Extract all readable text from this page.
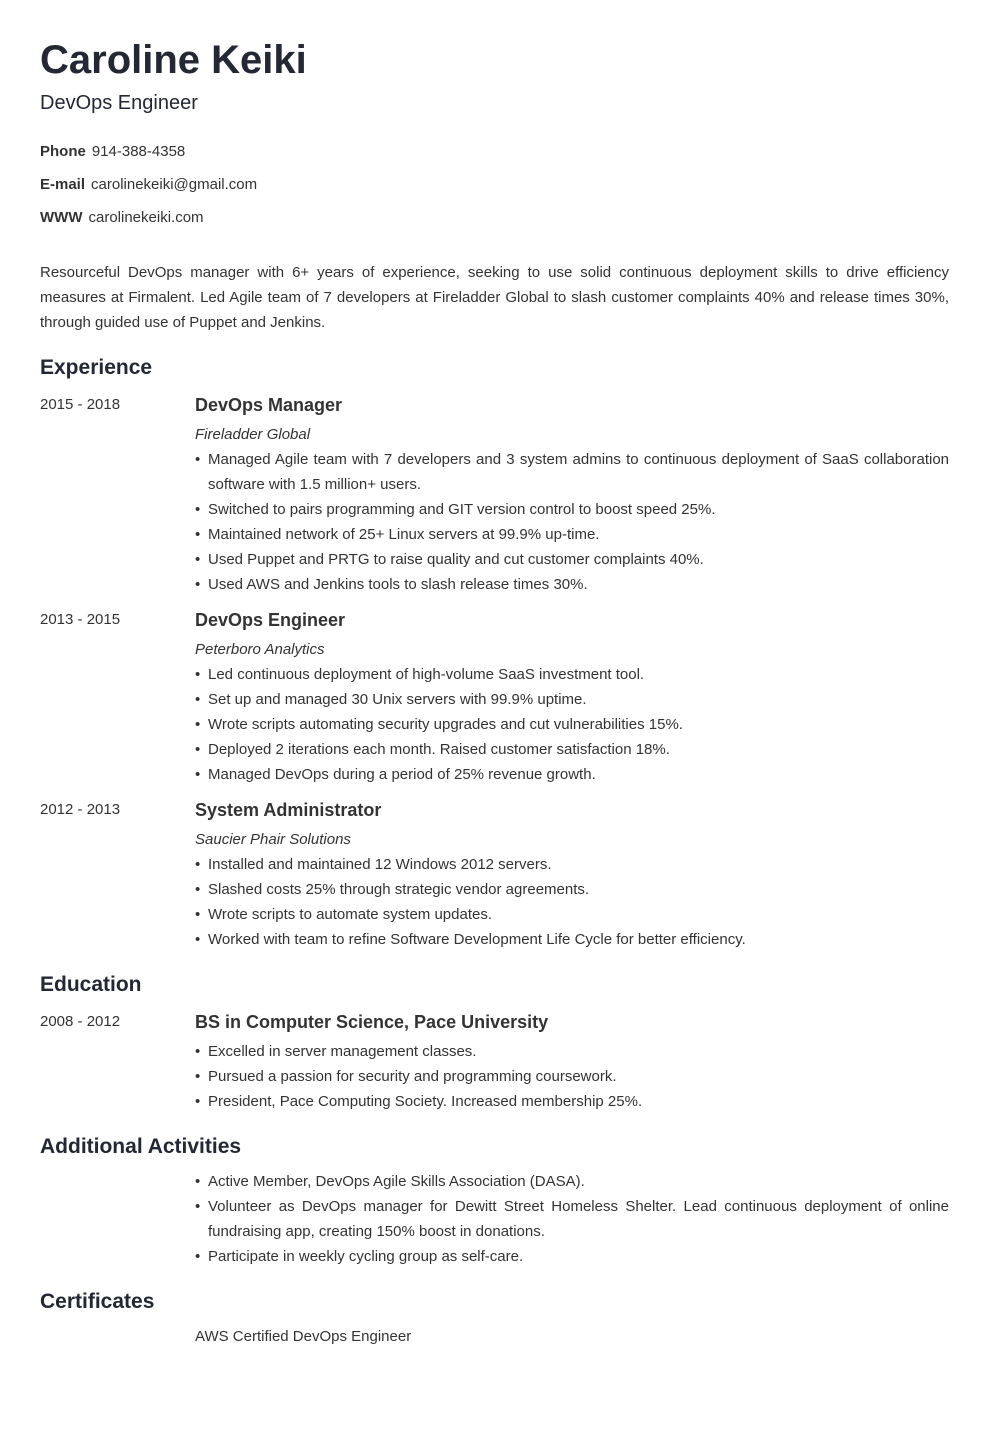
Caroline Keiki
DevOps Engineer
Phone 914-388-4358
E-mail carolinekeiki@gmail.com
WWW carolinekeiki.com

Resourceful DevOps manager with 6+ years of experience, seeking to use solid continuous deployment skills to drive efficiency measures at Firmalent. Led Agile team of 7 developers at Fireladder Global to slash customer complaints 40% and release times 30%, through guided use of Puppet and Jenkins.

Experience
2015 - 2018	DevOps Manager
Fireladder Global
• Managed Agile team with 7 developers and 3 system admins to continuous deployment of SaaS collaboration software with 1.5 million+ users.
• Switched to pairs programming and GIT version control to boost speed 25%.
• Maintained network of 25+ Linux servers at 99.9% up-time.
• Used Puppet and PRTG to raise quality and cut customer complaints 40%.
• Used AWS and Jenkins tools to slash release times 30%.
2013 - 2015	DevOps Engineer
Peterboro Analytics
• Led continuous deployment of high-volume SaaS investment tool.
• Set up and managed 30 Unix servers with 99.9% uptime.
• Wrote scripts automating security upgrades and cut vulnerabilities 15%.
• Deployed 2 iterations each month. Raised customer satisfaction 18%.
• Managed DevOps during a period of 25% revenue growth.
2012 - 2013	System Administrator
Saucier Phair Solutions
• Installed and maintained 12 Windows 2012 servers.
• Slashed costs 25% through strategic vendor agreements.
• Wrote scripts to automate system updates.
• Worked with team to refine Software Development Life Cycle for better efficiency.
Education
2008 - 2012	BS in Computer Science, Pace University
• Excelled in server management classes.
• Pursued a passion for security and programming coursework.
• President, Pace Computing Society. Increased membership 25%.
Additional Activities
• Active Member, DevOps Agile Skills Association (DASA).
• Volunteer as DevOps manager for Dewitt Street Homeless Shelter. Lead continuous deployment of online fundraising app, creating 150% boost in donations.
• Participate in weekly cycling group as self-care.
Certificates
AWS Certified DevOps Engineer
